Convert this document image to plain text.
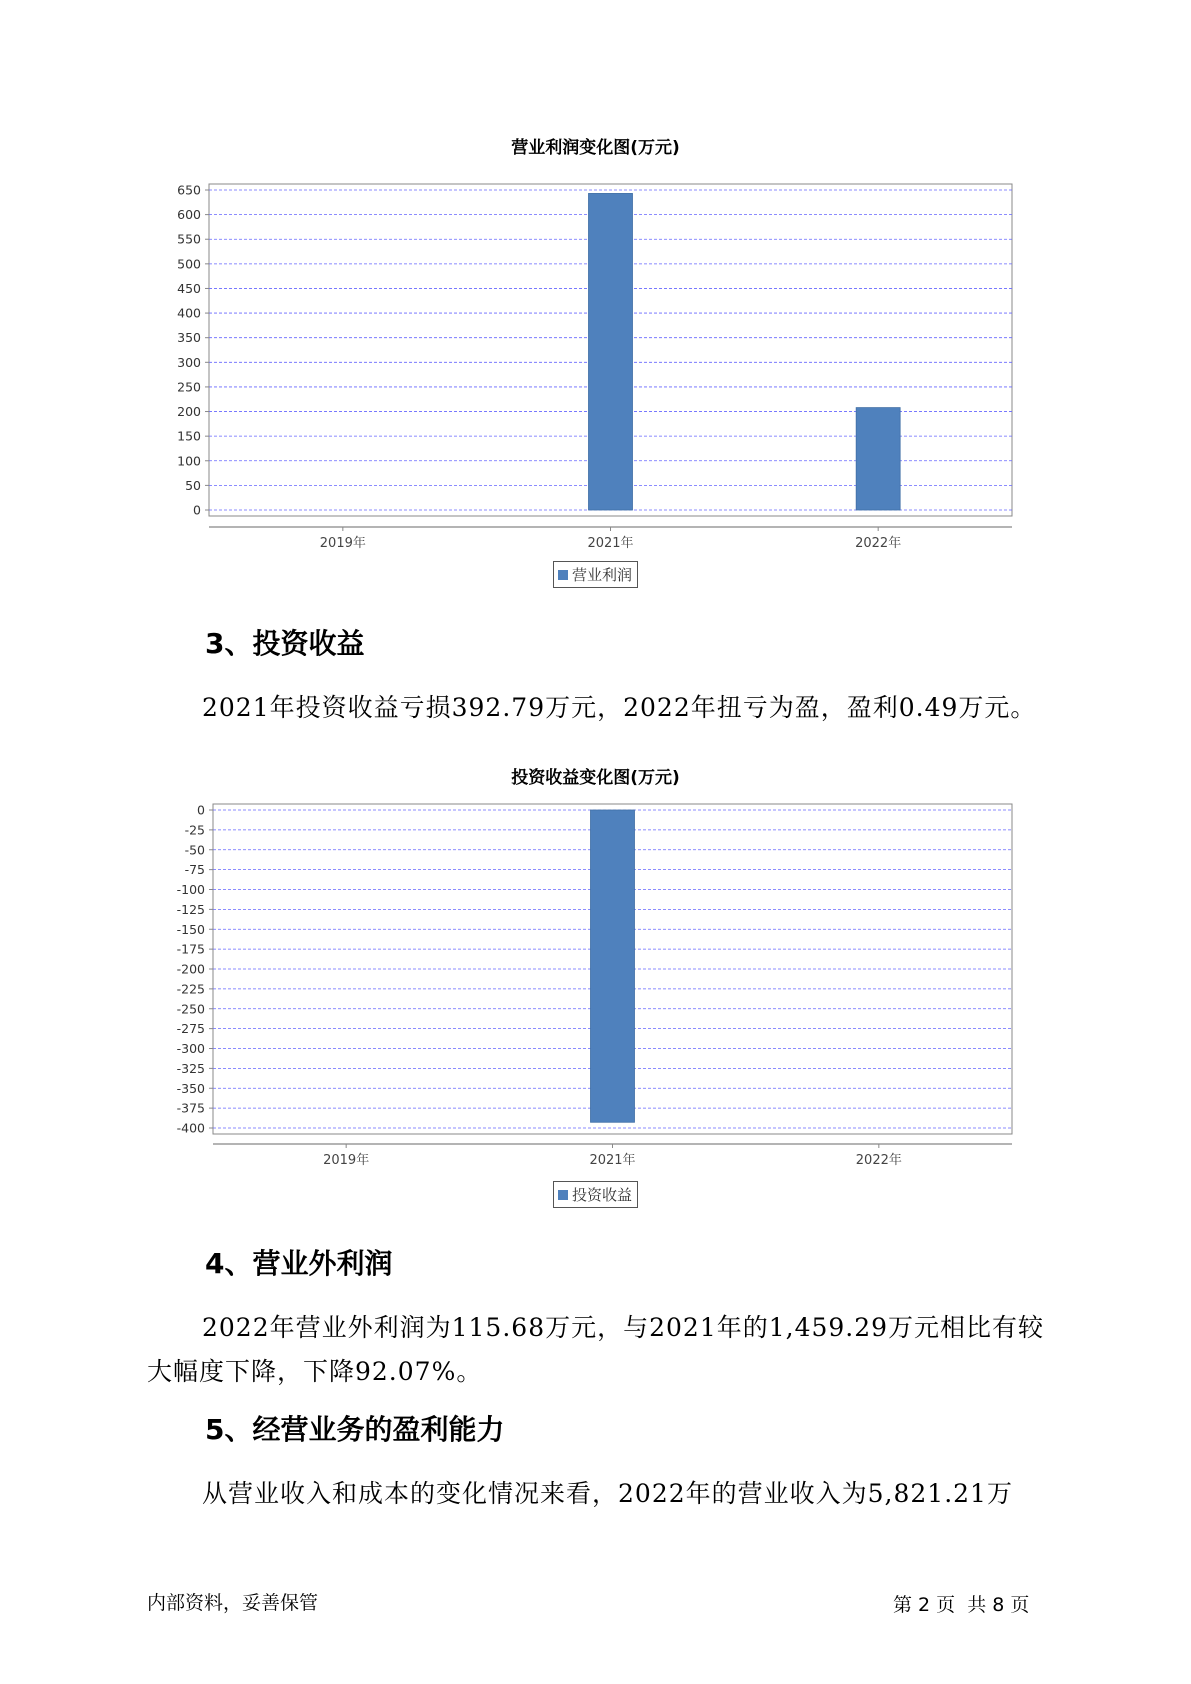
营业利润变化图(万元)
0
50
100
150
200
250
300
350
400
450
500
550
600
650
2019年	2021年	2022年
营业利润
3、投资收益
2021年投资收益亏损392.79万元，2022年扭亏为盈，盈利0.49万元。
投资收益变化图(万元)
0
-25
-50
-75
-100
-125
-150
-175
-200
-225
-250
-275
-300
-325
-350
-375
-400
2019年	2021年	2022年
投资收益
4、营业外利润
2022年营业外利润为115.68万元，与2021年的1,459.29万元相比有较
大幅度下降，下降92.07%。
5、经营业务的盈利能力
从营业收入和成本的变化情况来看，2022年的营业收入为5,821.21万
内部资料，妥善保管	第 2 页  共 8 页
